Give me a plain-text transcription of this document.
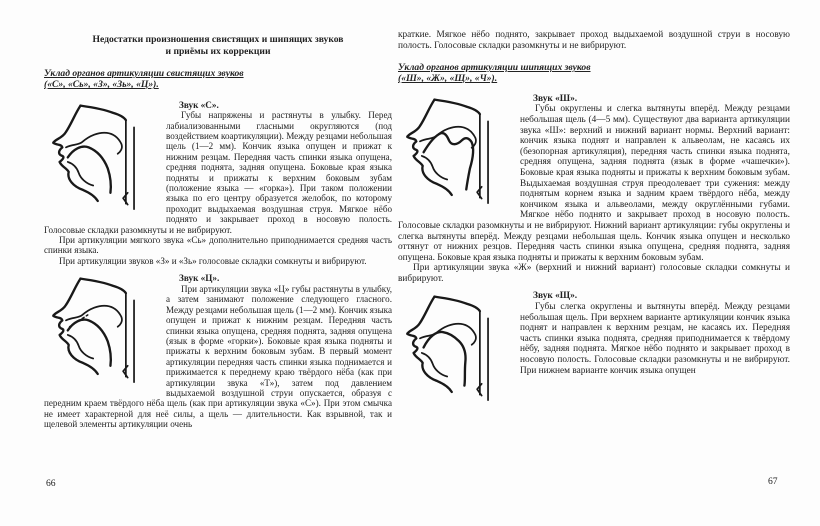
Недостатки произношения свистящих и шипящих звуков
и приёмы их коррекции
Уклад органов артикуляции свистящих звуков
(«С», «Сь», «З», «Зь», «Ц»).

Звук «С».

Губы напряжены и растянуты в улыбку. Перед лабиализованными гласными округляются (под воздействием коартикуляции). Между резцами небольшая щель (1—2 мм). Кончик языка опущен и прижат к нижним резцам. Передняя часть спинки языка опущена, средняя поднята, задняя опущена. Боковые края языка подняты и прижаты к верхним боковым зубам (положение языка — «горка»). При таком положении языка по его центру образуется желобок, по которому проходит выдыхаемая воздушная струя. Мягкое нёбо поднято и закрывает проход в носовую полость. Голосовые складки разомкнуты и не вибрируют.

При артикуляции мягкого звука «Сь» дополнительно приподнимается средняя часть спинки языка.

При артикуляции звуков «З» и «Зь» голосовые складки сомкнуты и вибрируют.

Звук «Ц».

При артикуляции звука «Ц» губы растянуты в улыбку, а затем занимают положение следующего гласного. Между резцами небольшая щель (1—2 мм). Кончик языка опущен и прижат к нижним резцам. Передняя часть спинки языка опущена, средняя поднята, задняя опущена (язык в форме «горки»). Боковые края языка подняты и прижаты к верхним боковым зубам. В первый момент артикуляции передняя часть спинки языка поднимается и прижимается к переднему краю твёрдого нёба (как при артикуляции звука «Т»), затем под давлением выдыхаемой воздушной струи опускается, образуя с передним краем твёрдого нёба щель (как при артикуляции звука «С»). При этом смычка не имеет характерной для неё силы, а щель — длительности. Как взрывной, так и щелевой элементы артикуляции очень

краткие. Мягкое нёбо поднято, закрывает проход выдыхаемой воздушной струи в носовую полость. Голосовые складки разомкнуты и не вибрируют.

Уклад органов артикуляции шипящих звуков
(«Ш», «Ж», «Щ», «Ч»).

Звук «Ш».

Губы округлены и слегка вытянуты вперёд. Между резцами небольшая щель (4—5 мм). Существуют два варианта артикуляции звука «Ш»: верхний и нижний вариант нормы. Верхний вариант: кончик языка поднят и направлен к альвеолам, не касаясь их (безопорная артикуляция), передняя часть спинки языка поднята, средняя опущена, задняя поднята (язык в форме «чашечки»). Боковые края языка подняты и прижаты к верхним боковым зубам. Выдыхаемая воздушная струя преодолевает три сужения: между поднятым корнем языка и задним краем твёрдого нёба, между кончиком языка и альвеолами, между округлёнными губами. Мягкое нёбо поднято и закрывает проход в носовую полость. Голосовые складки разомкнуты и не вибрируют. Нижний вариант артикуляции: губы округлены и слегка вытянуты вперёд. Между резцами небольшая щель. Кончик языка опущен и несколько оттянут от нижних резцов. Передняя часть спинки языка опущена, средняя поднята, задняя опущена. Боковые края языка подняты и прижаты к верхним боковым зубам.

При артикуляции звука «Ж» (верхний и нижний вариант) голосовые складки сомкнуты и вибрируют.

Звук «Щ».

Губы слегка округлены и вытянуты вперёд. Между резцами небольшая щель. При верхнем варианте артикуляции кончик языка поднят и направлен к верхним резцам, не касаясь их. Передняя часть спинки языка поднята, средняя приподнимается к твёрдому нёбу, задняя поднята. Мягкое нёбо поднято и закрывает проход в носовую полость. Голосовые складки разомкнуты и не вибрируют. При нижнем варианте кончик языка опущен

66	67
